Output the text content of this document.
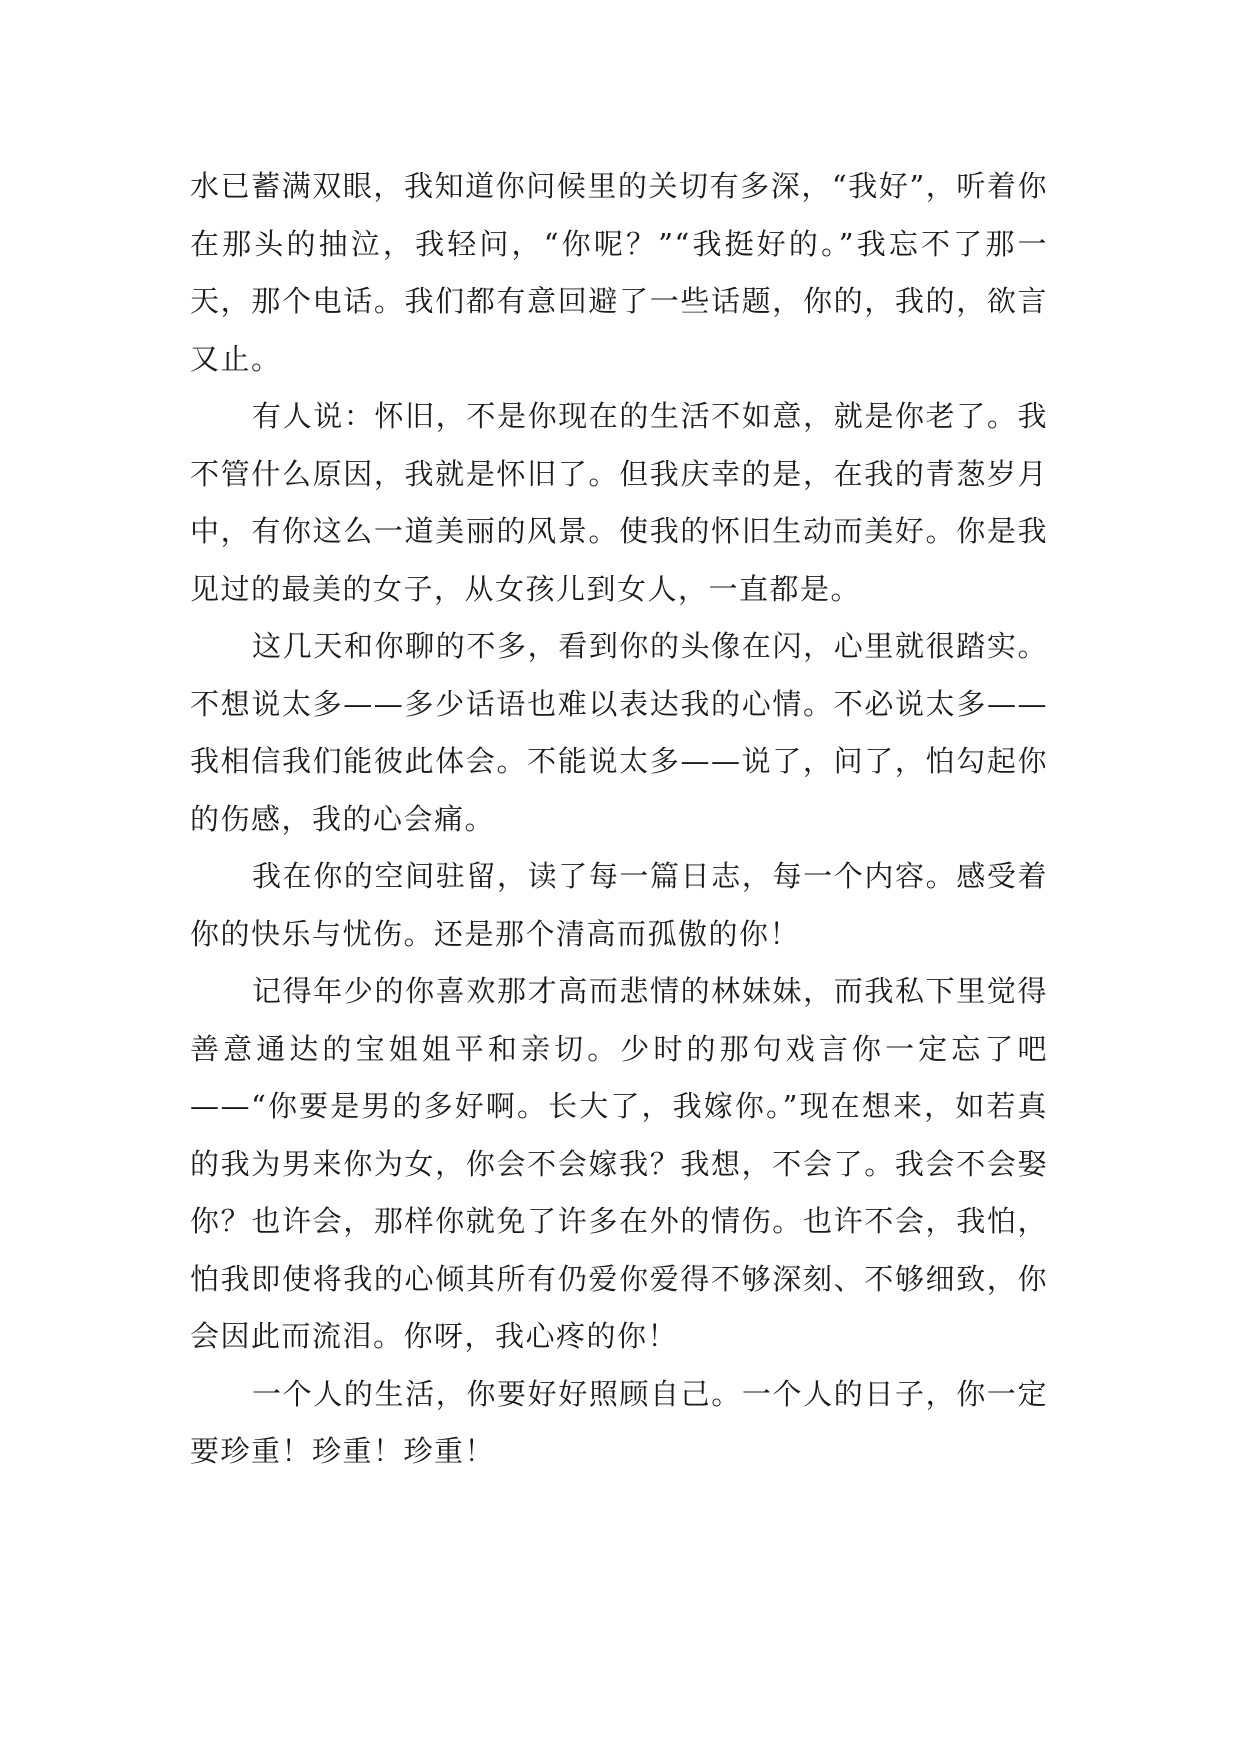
水已蓄满双眼，我知道你问候里的关切有多深，“我好”，听着你在那头的抽泣，我轻问，“你呢？”“我挺好的。”我忘不了那一天，那个电话。我们都有意回避了一些话题，你的，我的，欲言又止。

有人说：怀旧，不是你现在的生活不如意，就是你老了。我不管什么原因，我就是怀旧了。但我庆幸的是，在我的青葱岁月中，有你这么一道美丽的风景。使我的怀旧生动而美好。你是我见过的最美的女子，从女孩儿到女人，一直都是。

这几天和你聊的不多，看到你的头像在闪，心里就很踏实。不想说太多——多少话语也难以表达我的心情。不必说太多——我相信我们能彼此体会。不能说太多——说了，问了，怕勾起你的伤感，我的心会痛。

我在你的空间驻留，读了每一篇日志，每一个内容。感受着你的快乐与忧伤。还是那个清高而孤傲的你！

记得年少的你喜欢那才高而悲情的林妹妹，而我私下里觉得善意通达的宝姐姐平和亲切。少时的那句戏言你一定忘了吧——“你要是男的多好啊。长大了，我嫁你。”现在想来，如若真的我为男来你为女，你会不会嫁我？我想，不会了。我会不会娶你？也许会，那样你就免了许多在外的情伤。也许不会，我怕，怕我即使将我的心倾其所有仍爱你爱得不够深刻、不够细致，你会因此而流泪。你呀，我心疼的你！

一个人的生活，你要好好照顾自己。一个人的日子，你一定要珍重！珍重！珍重！
